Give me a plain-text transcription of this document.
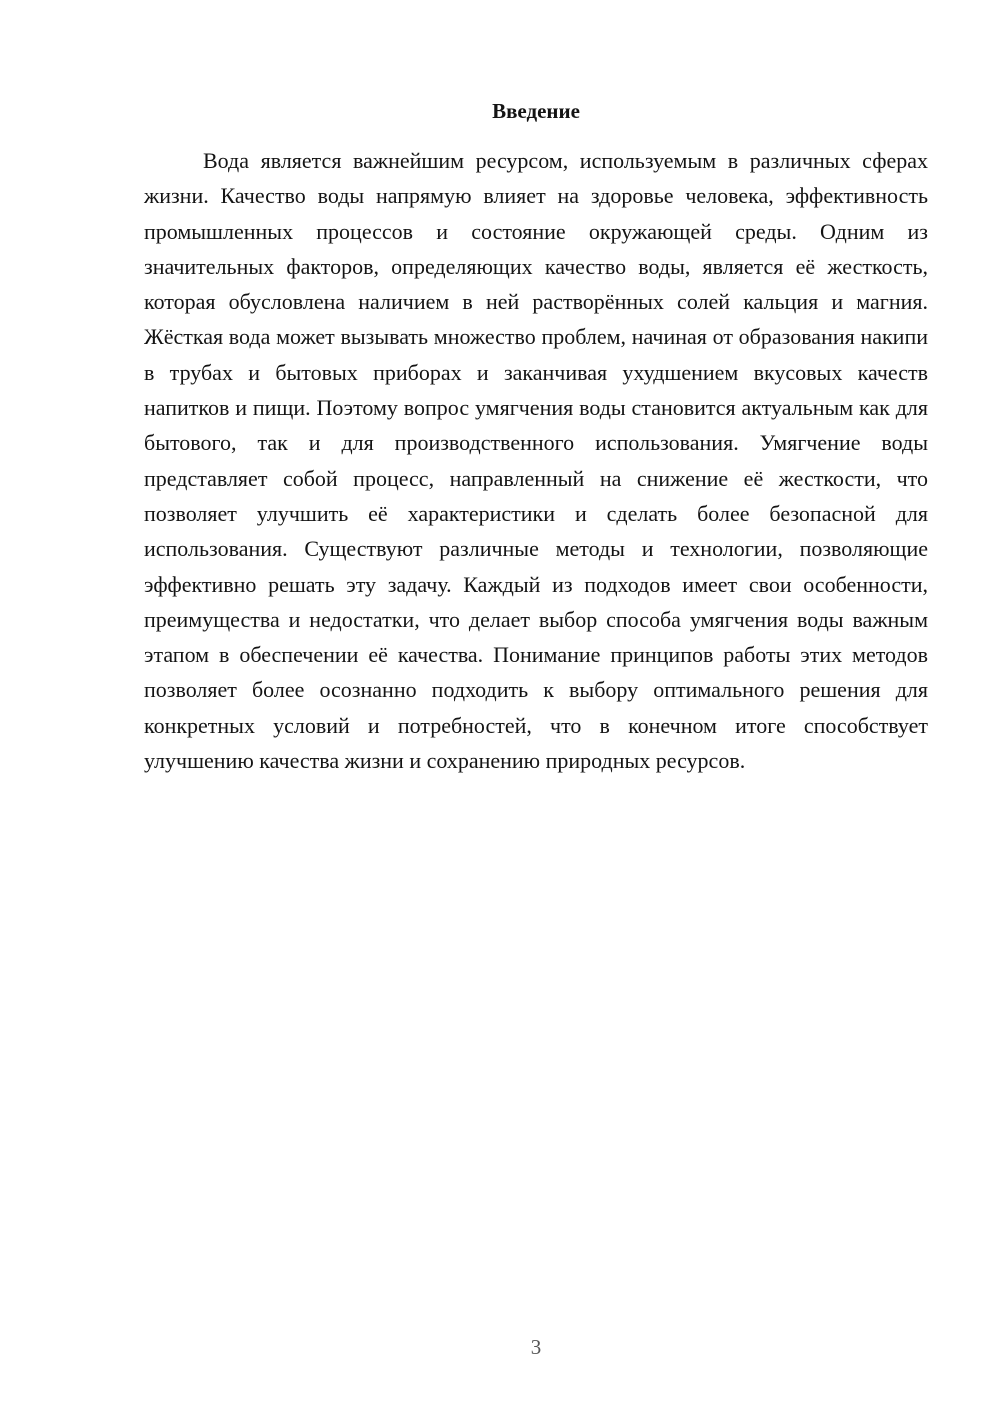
Введение

Вода является важнейшим ресурсом, используемым в различных сферах жизни. Качество воды напрямую влияет на здоровье человека, эффективность промышленных процессов и состояние окружающей среды. Одним из значительных факторов, определяющих качество воды, является её жесткость, которая обусловлена наличием в ней растворённых солей кальция и магния. Жёсткая вода может вызывать множество проблем, начиная от образования накипи в трубах и бытовых приборах и заканчивая ухудшением вкусовых качеств напитков и пищи. Поэтому вопрос умягчения воды становится актуальным как для бытового, так и для производственного использования. Умягчение воды представляет собой процесс, направленный на снижение её жесткости, что позволяет улучшить её характеристики и сделать более безопасной для использования. Существуют различные методы и технологии, позволяющие эффективно решать эту задачу. Каждый из подходов имеет свои особенности, преимущества и недостатки, что делает выбор способа умягчения воды важным этапом в обеспечении её качества. Понимание принципов работы этих методов позволяет более осознанно подходить к выбору оптимального решения для конкретных условий и потребностей, что в конечном итоге способствует улучшению качества жизни и сохранению природных ресурсов.

3
